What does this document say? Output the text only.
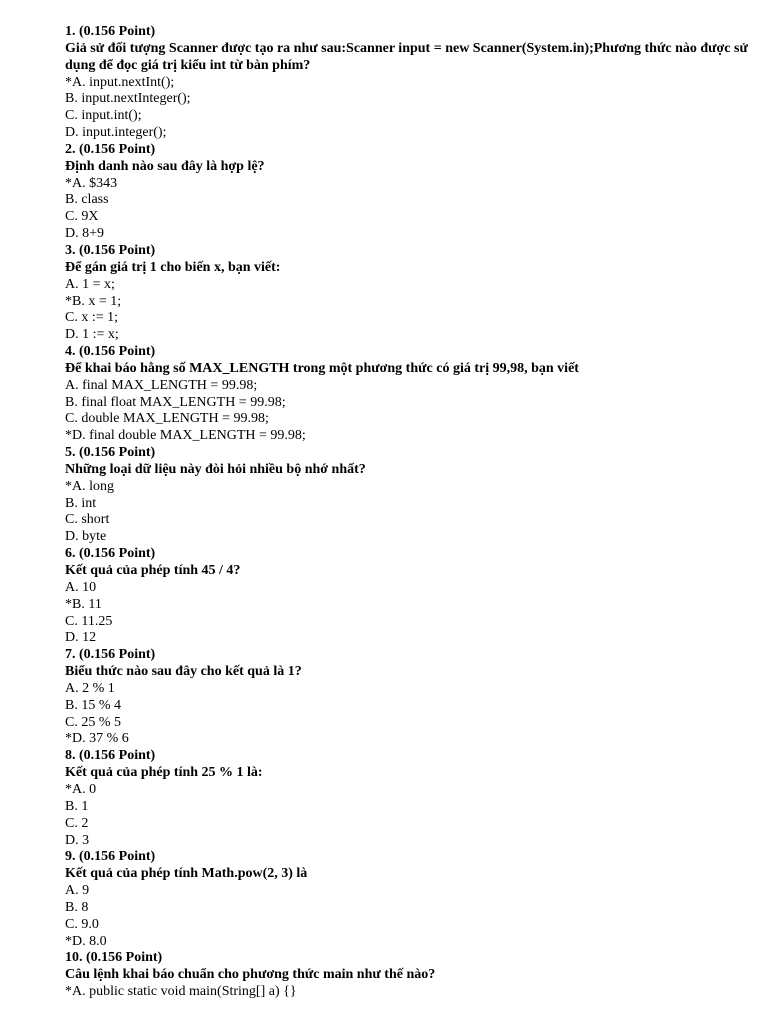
1. (0.156 Point)
Giả sử đối tượng Scanner được tạo ra như sau:Scanner input = new Scanner(System.in);Phương thức nào được sử dụng để đọc giá trị kiểu int từ bàn phím?
*A. input.nextInt();
B. input.nextInteger();
C. input.int();
D. input.integer();
2. (0.156 Point)
Định danh nào sau đây là hợp lệ?
*A. $343
B. class
C. 9X
D. 8+9
3. (0.156 Point)
Để gán giá trị 1 cho biến x, bạn viết:
A. 1 = x;
*B. x = 1;
C. x := 1;
D. 1 := x;
4. (0.156 Point)
Để khai báo hằng số MAX_LENGTH trong một phương thức có giá trị 99,98, bạn viết
A. final MAX_LENGTH = 99.98;
B. final float MAX_LENGTH = 99.98;
C. double MAX_LENGTH = 99.98;
*D. final double MAX_LENGTH = 99.98;
5. (0.156 Point)
Những loại dữ liệu này đòi hỏi nhiều bộ nhớ nhất?
*A. long
B. int
C. short
D. byte
6. (0.156 Point)
Kết quả của phép tính 45 / 4?
A. 10
*B. 11
C. 11.25
D. 12
7. (0.156 Point)
Biểu thức nào sau đây cho kết quả là 1?
A. 2 % 1
B. 15 % 4
C. 25 % 5
*D. 37 % 6
8. (0.156 Point)
Kết quả của phép tính 25 % 1 là:
*A. 0
B. 1
C. 2
D. 3
9. (0.156 Point)
Kết quả của phép tính Math.pow(2, 3) là
A. 9
B. 8
C. 9.0
*D. 8.0
10. (0.156 Point)
Câu lệnh khai báo chuẩn cho phương thức main như thế nào?
*A. public static void main(String[] a) {}
